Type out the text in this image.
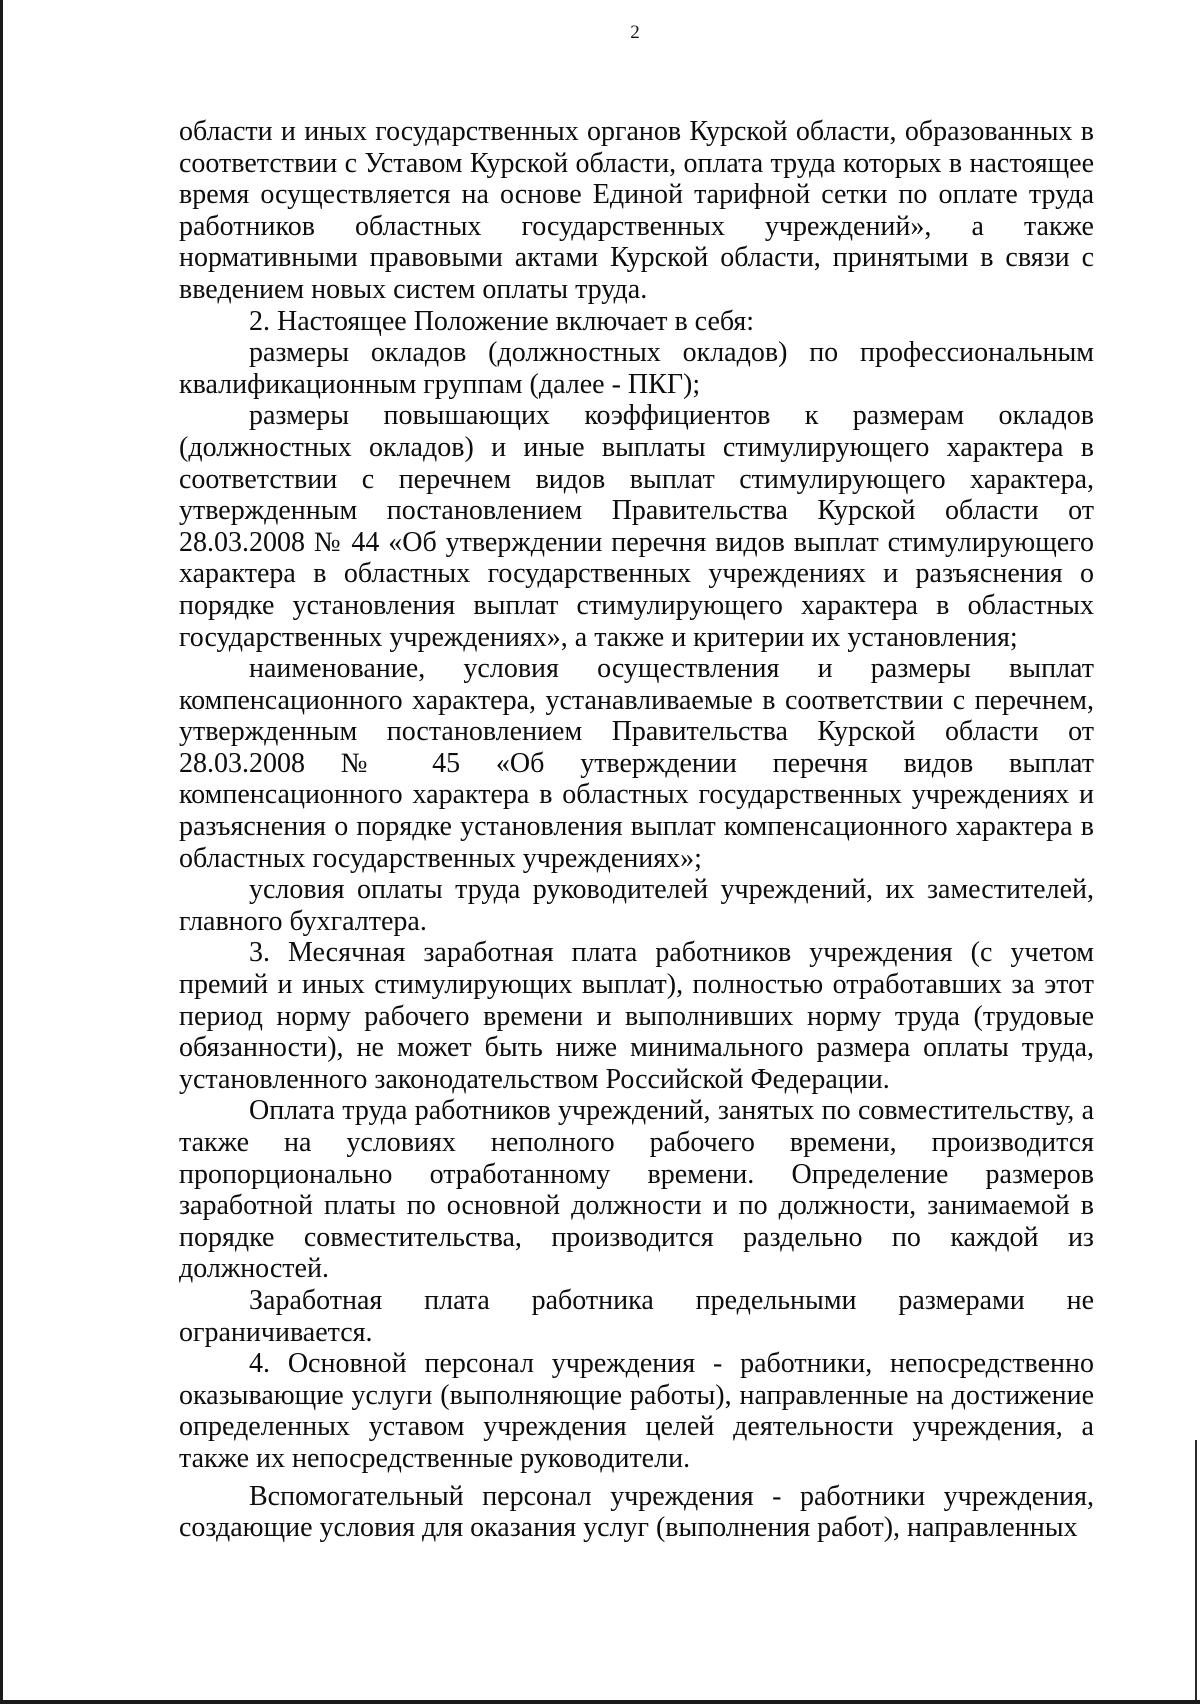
2

области и иных государственных органов Курской области, образованных в соответствии с Уставом Курской области, оплата труда которых в настоящее время осуществляется на основе Единой тарифной сетки по оплате труда работников областных государственных учреждений», а также нормативными правовыми актами Курской области, принятыми в связи с введением новых систем оплаты труда.

2. Настоящее Положение включает в себя:

размеры окладов (должностных окладов) по профессиональным квалификационным группам (далее - ПКГ);

размеры повышающих коэффициентов к размерам окладов (должностных окладов) и иные выплаты стимулирующего характера в соответствии с перечнем видов выплат стимулирующего характера, утвержденным постановлением Правительства Курской области от 28.03.2008 № 44 «Об утверждении перечня видов выплат стимулирующего характера в областных государственных учреждениях и разъяснения о порядке установления выплат стимулирующего характера в областных государственных учреждениях», а также и критерии их установления;

наименование, условия осуществления и размеры выплат компенсационного характера, устанавливаемые в соответствии с перечнем, утвержденным постановлением Правительства Курской области от 28.03.2008 № 45 «Об утверждении перечня видов выплат компенсационного характера в областных государственных учреждениях и разъяснения о порядке установления выплат компенсационного характера в областных государственных учреждениях»;

условия оплаты труда руководителей учреждений, их заместителей, главного бухгалтера.

3. Месячная заработная плата работников учреждения (с учетом премий и иных стимулирующих выплат), полностью отработавших за этот период норму рабочего времени и выполнивших норму труда (трудовые обязанности), не может быть ниже минимального размера оплаты труда, установленного законодательством Российской Федерации.

Оплата труда работников учреждений, занятых по совместительству, а также на условиях неполного рабочего времени, производится пропорционально отработанному времени. Определение размеров заработной платы по основной должности и по должности, занимаемой в порядке совместительства, производится раздельно по каждой из должностей.

Заработная плата работника предельными размерами не ограничивается.

4. Основной персонал учреждения - работники, непосредственно оказывающие услуги (выполняющие работы), направленные на достижение определенных уставом учреждения целей деятельности учреждения, а также их непосредственные руководители.

Вспомогательный персонал учреждения - работники учреждения, создающие условия для оказания услуг (выполнения работ), направленных
